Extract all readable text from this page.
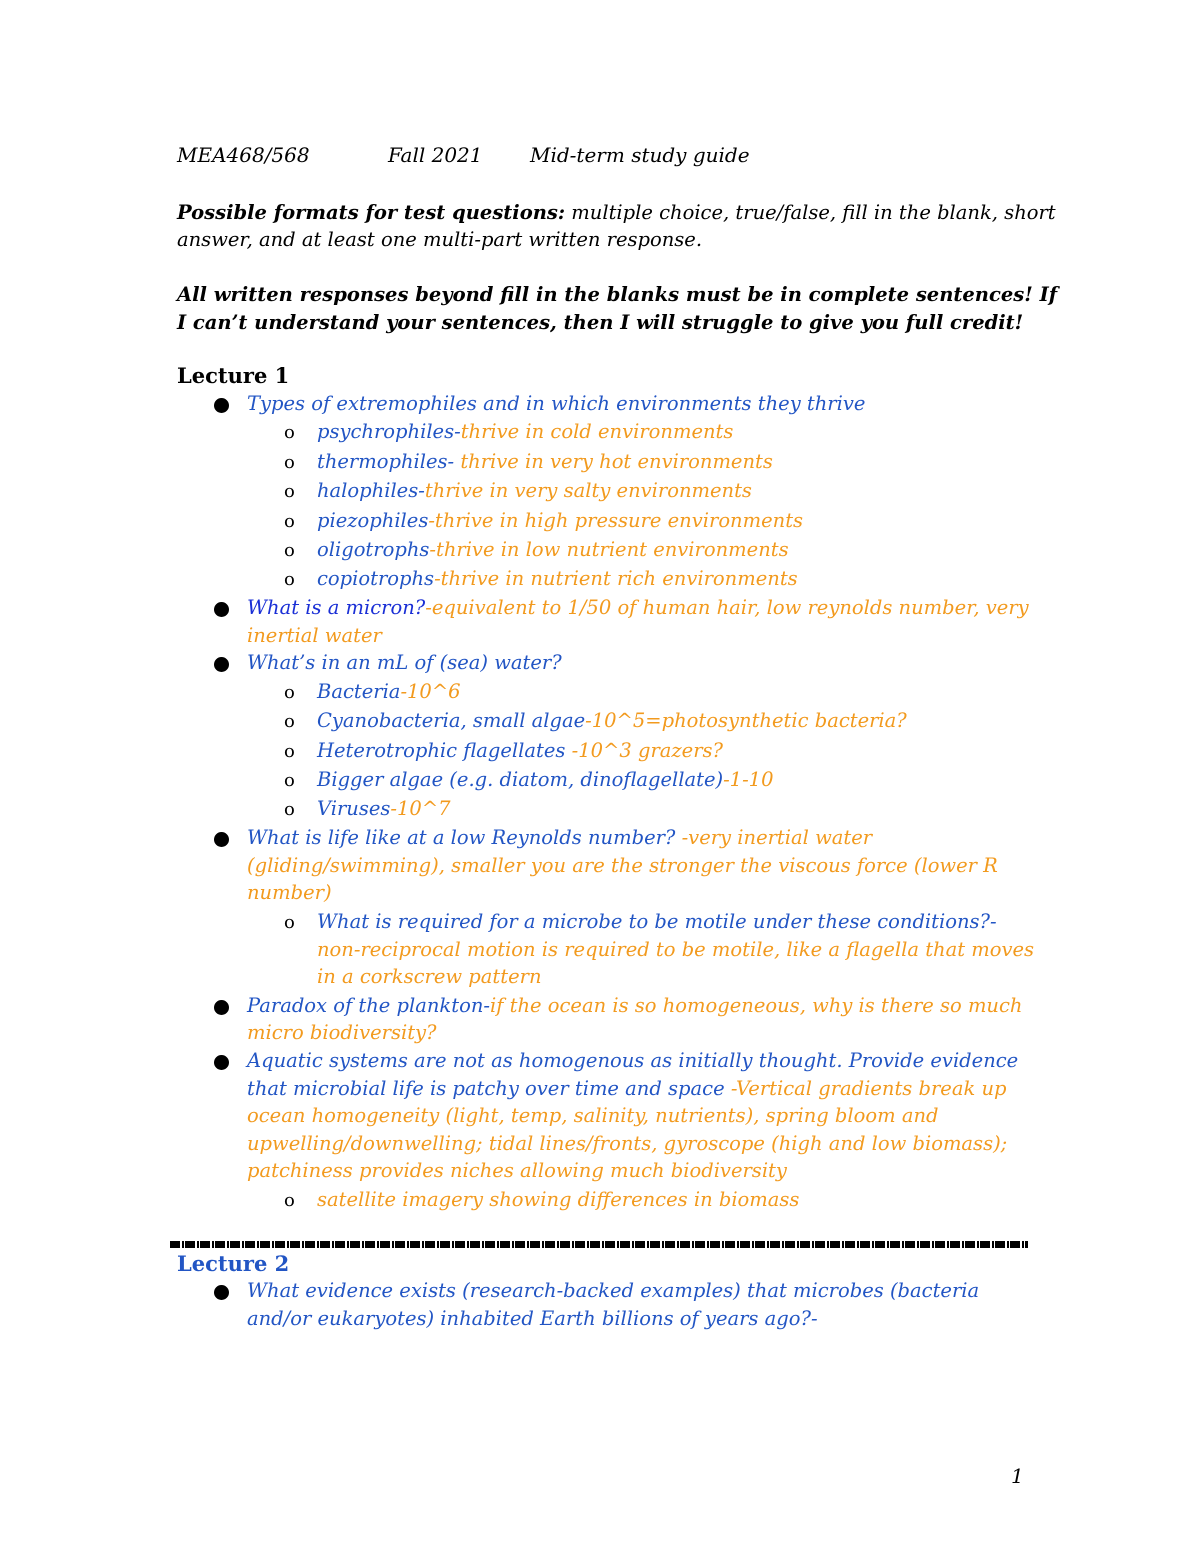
MEA468/568	Fall 2021 Mid-term study guide
Possible formats for test questions: multiple choice, true/false, fill in the blank, short
answer, and at least one multi-part written response.
All written responses beyond fill in the blanks must be in complete sentences! If
I can’t understand your sentences, then I will struggle to give you full credit!
Lecture 1
Types of extremophiles and in which environments they thrive
o psychrophiles-thrive in cold environments
o thermophiles- thrive in very hot environments
o halophiles-thrive in very salty environments
o piezophiles-thrive in high pressure environments
o oligotrophs-thrive in low nutrient environments
o copiotrophs-thrive in nutrient rich environments
What is a micron?-equivalent to 1/50 of human hair, low reynolds number, very
inertial water
What’s in an mL of (sea) water?
o Bacteria-10^6
o Cyanobacteria, small algae-10^5=photosynthetic bacteria?
o Heterotrophic flagellates -10^3 grazers?
o Bigger algae (e.g. diatom, dinoflagellate)-1-10
o Viruses-10^7
What is life like at a low Reynolds number? -very inertial water
(gliding/swimming), smaller you are the stronger the viscous force (lower R
number)
o What is required for a microbe to be motile under these conditions?-
non-reciprocal motion is required to be motile, like a flagella that moves
in a corkscrew pattern
Paradox of the plankton-if the ocean is so homogeneous, why is there so much
micro biodiversity?
Aquatic systems are not as homogenous as initially thought. Provide evidence
that microbial life is patchy over time and space -Vertical gradients break up
ocean homogeneity (light, temp, salinity, nutrients), spring bloom and
upwelling/downwelling; tidal lines/fronts, gyroscope (high and low biomass);
patchiness provides niches allowing much biodiversity
o satellite imagery showing differences in biomass
Lecture 2
What evidence exists (research-backed examples) that microbes (bacteria
and/or eukaryotes) inhabited Earth billions of years ago?-
1
